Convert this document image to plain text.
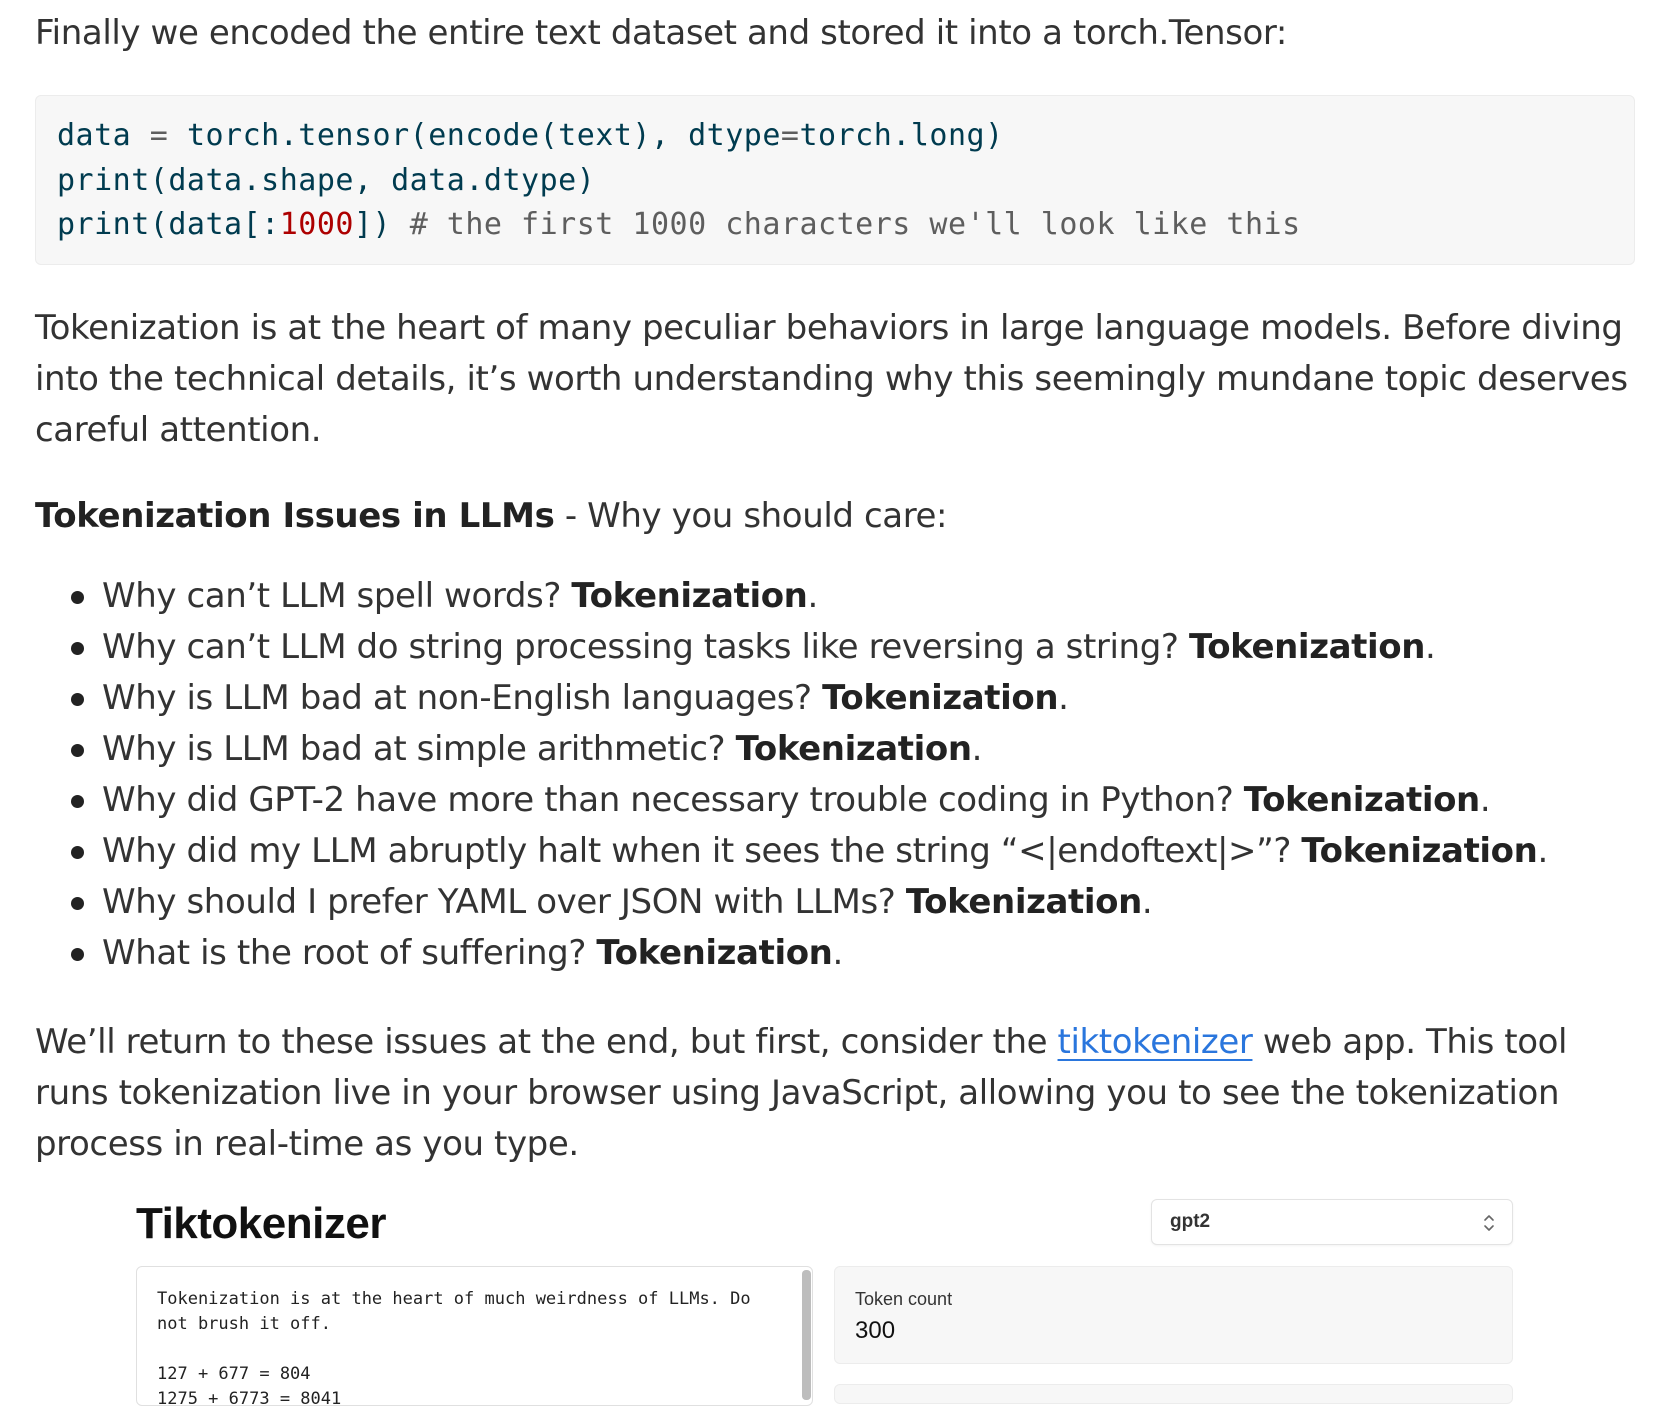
Finally we encoded the entire text dataset and stored it into a torch.Tensor:

data = torch.tensor(encode(text), dtype=torch.long)
print(data.shape, data.dtype)
print(data[:1000]) # the first 1000 characters we'll look like this

Tokenization is at the heart of many peculiar behaviors in large language models. Before diving into the technical details, it’s worth understanding why this seemingly mundane topic deserves careful attention.

Tokenization Issues in LLMs - Why you should care:

Why can’t LLM spell words? Tokenization.
Why can’t LLM do string processing tasks like reversing a string? Tokenization.
Why is LLM bad at non-English languages? Tokenization.
Why is LLM bad at simple arithmetic? Tokenization.
Why did GPT-2 have more than necessary trouble coding in Python? Tokenization.
Why did my LLM abruptly halt when it sees the string “<|endoftext|>”? Tokenization.
Why should I prefer YAML over JSON with LLMs? Tokenization.
What is the root of suffering? Tokenization.

We’ll return to these issues at the end, but first, consider the tiktokenizer web app. This tool runs tokenization live in your browser using JavaScript, allowing you to see the tokenization process in real-time as you type.

Tiktokenizer	gpt2
Tokenization is at the heart of much weirdness of LLMs. Do
not brush it off.

127 + 677 = 804
1275 + 6773 = 8041
Token count
300
